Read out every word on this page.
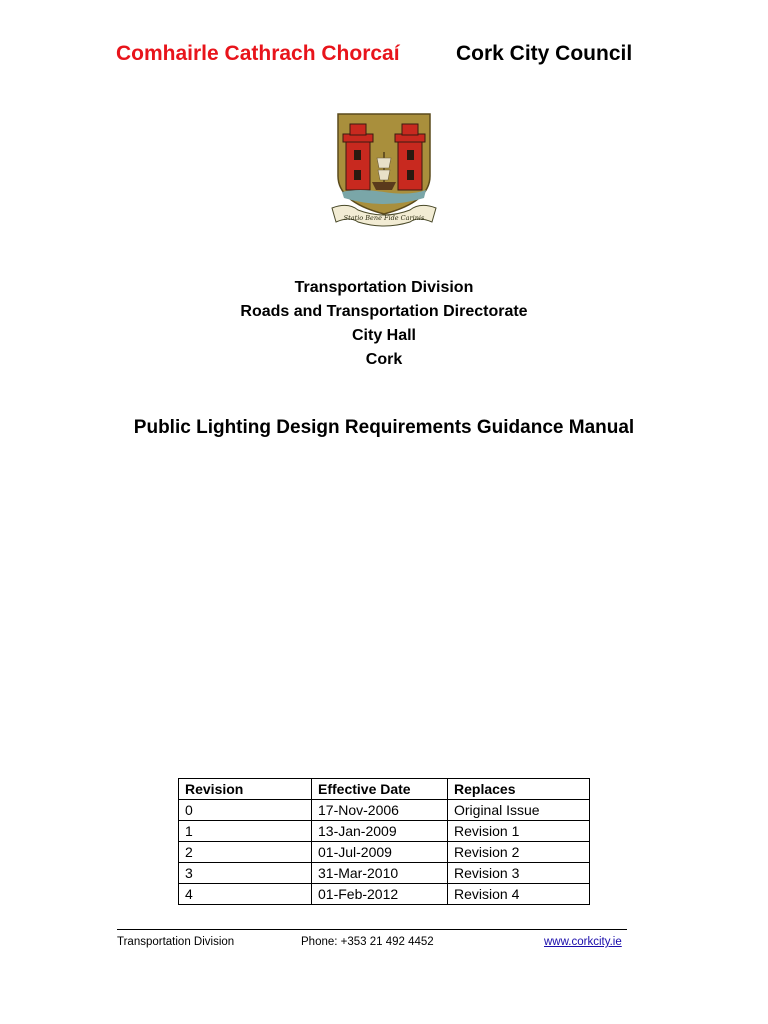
Comhairle Cathrach Chorcaí	Cork City Council
Statio Bene Fide Carinis
Transportation Division
Roads and Transportation Directorate
City Hall
Cork
Public Lighting Design Requirements Guidance Manual
Revision	Effective Date	Replaces
0	17-Nov-2006	Original Issue
1	13-Jan-2009	Revision 1
2	01-Jul-2009	Revision 2
3	31-Mar-2010	Revision 3
4	01-Feb-2012	Revision 4
Transportation Division	Phone: +353 21 492 4452	www.corkcity.ie
